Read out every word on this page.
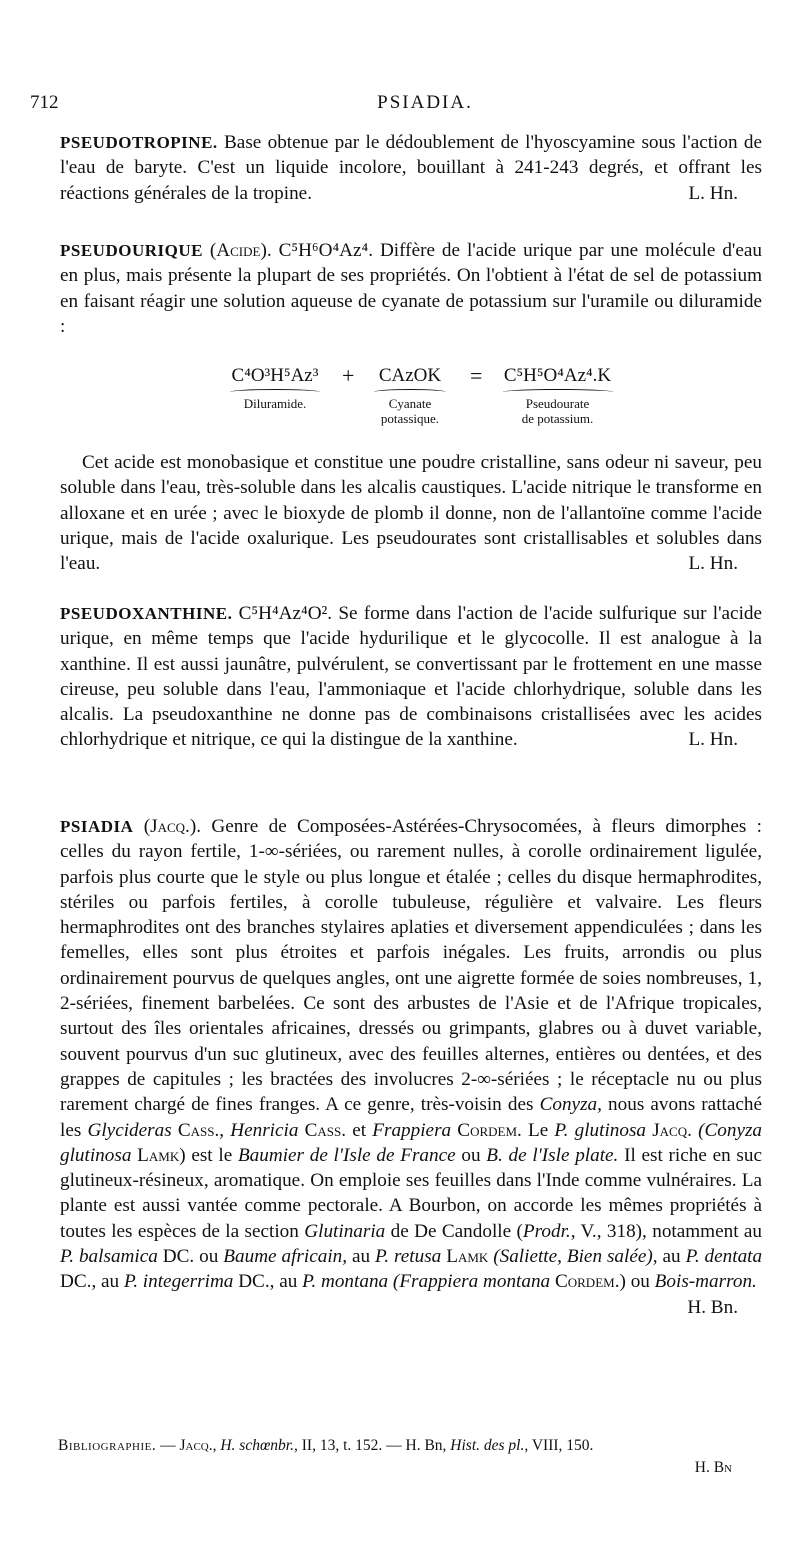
712	PSIADIA.

PSEUDOTROPINE. Base obtenue par le dédoublement de l'hyoscyamine sous l'action de l'eau de baryte. C'est un liquide incolore, bouillant à 241-243 degrés, et offrant les réactions générales de la tropine.	L. Hn.

PSEUDOURIQUE (Acide). C⁵H⁶O⁴Az⁴. Diffère de l'acide urique par une molécule d'eau en plus, mais présente la plupart de ses propriétés. On l'obtient à l'état de sel de potassium en faisant réagir une solution aqueuse de cyanate de potassium sur l'uramile ou diluramide :

Cet acide est monobasique et constitue une poudre cristalline, sans odeur ni saveur, peu soluble dans l'eau, très-soluble dans les alcalis caustiques. L'acide nitrique le transforme en alloxane et en urée ; avec le bioxyde de plomb il donne, non de l'allantoïne comme l'acide urique, mais de l'acide oxalurique. Les pseudourates sont cristallisables et solubles dans l'eau.	L. Hn.

PSEUDOXANTHINE. C⁵H⁴Az⁴O². Se forme dans l'action de l'acide sulfurique sur l'acide urique, en même temps que l'acide hydurilique et le glycocolle. Il est analogue à la xanthine. Il est aussi jaunâtre, pulvérulent, se convertissant par le frottement en une masse cireuse, peu soluble dans l'eau, l'ammoniaque et l'acide chlorhydrique, soluble dans les alcalis. La pseudoxanthine ne donne pas de combinaisons cristallisées avec les acides chlorhydrique et nitrique, ce qui la distingue de la xanthine.	L. Hn.

PSIADIA (Jacq.). Genre de Composées-Astérées-Chrysocomées, à fleurs dimorphes : celles du rayon fertile, 1-∞-sériées, ou rarement nulles, à corolle ordinairement ligulée, parfois plus courte que le style ou plus longue et étalée ; celles du disque hermaphrodites, stériles ou parfois fertiles, à corolle tubuleuse, régulière et valvaire. Les fleurs hermaphrodites ont des branches stylaires aplaties et diversement appendiculées ; dans les femelles, elles sont plus étroites et parfois inégales. Les fruits, arrondis ou plus ordinairement pourvus de quelques angles, ont une aigrette formée de soies nombreuses, 1, 2-sériées, finement barbelées. Ce sont des arbustes de l'Asie et de l'Afrique tropicales, surtout des îles orientales africaines, dressés ou grimpants, glabres ou à duvet variable, souvent pourvus d'un suc glutineux, avec des feuilles alternes, entières ou dentées, et des grappes de capitules ; les bractées des involucres 2-∞-sériées ; le réceptacle nu ou plus rarement chargé de fines franges. A ce genre, très-voisin des Conyza, nous avons rattaché les Glycideras Cass., Henricia Cass. et Frappiera Cordem. Le P. glutinosa Jacq. (Conyza glutinosa Lamk) est le Baumier de l'Isle de France ou B. de l'Isle plate. Il est riche en suc glutineux-résineux, aromatique. On emploie ses feuilles dans l'Inde comme vulnéraires. La plante est aussi vantée comme pectorale. A Bourbon, on accorde les mêmes propriétés à toutes les espèces de la section Glutinaria de De Candolle (Prodr., V., 318), notamment au P. balsamica DC. ou Baume africain, au P. retusa Lamk (Saliette, Bien salée), au P. dentata DC., au P. integerrima DC., au P. montana (Frappiera montana Cordem.) ou Bois-marron.
H. Bn.

C⁴O³H⁵Az³
Diluramide.
+	CAzOK
Cyanate
potassique.
=	C⁵H⁵O⁴Az⁴.K
Pseudourate
de potassium.
Bibliographie. — Jacq., H. schœnbr., II, 13, t. 152. — H. Bn, Hist. des pl., VIII, 150.
H. Bn
